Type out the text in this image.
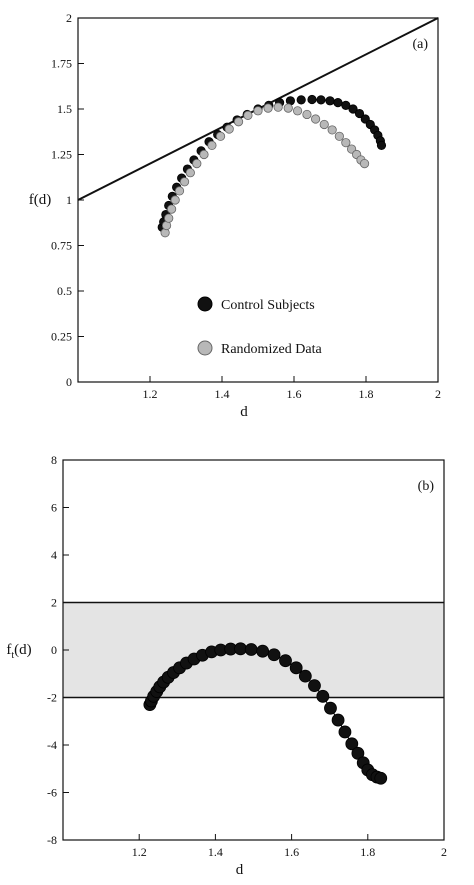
1.2	1.4	1.6	1.8	2
0
0.25
0.5
0.75
1
1.25
1.5
1.75
2
d
f(d)
(a)
Control Subjects
Randomized Data
1.2	1.4	1.6	1.8	2
-8
-6
-4
-2
0
2
4
6
8
d
$f_t(d)$
(b)
